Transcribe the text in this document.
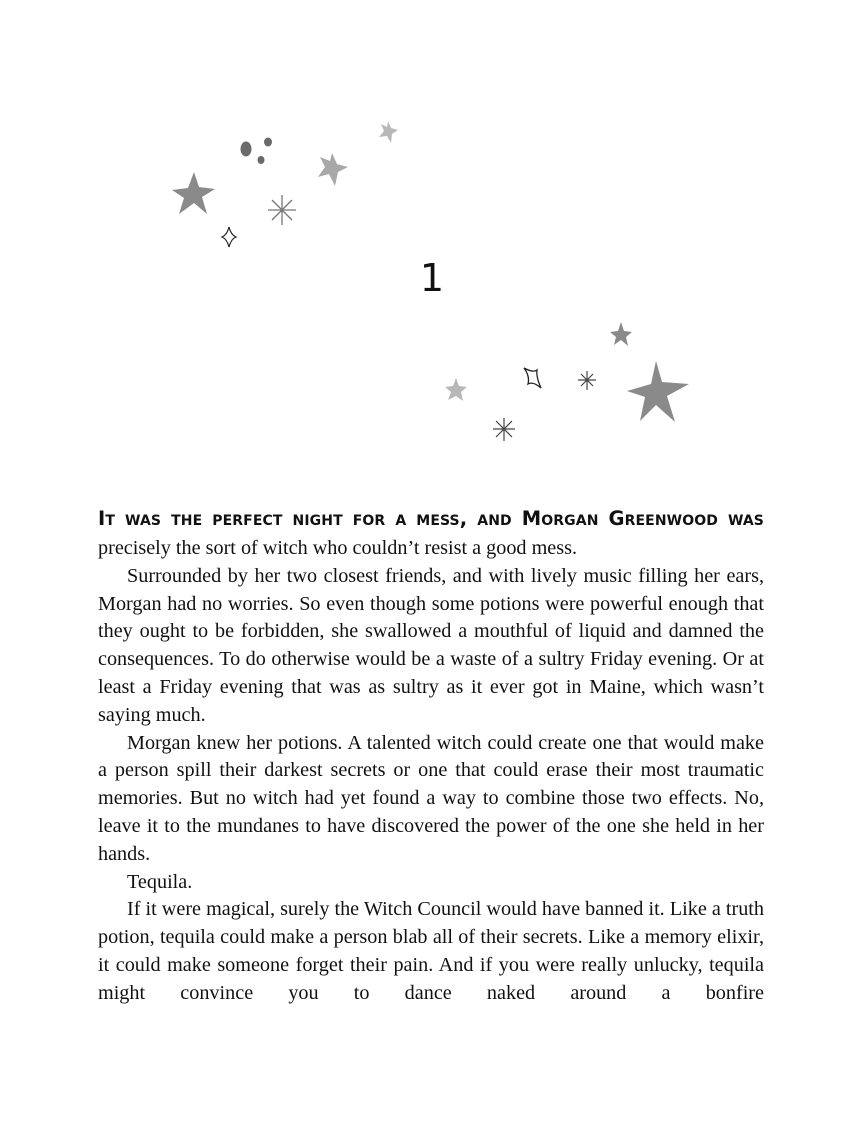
1

It was the perfect night for a mess, and Morgan Greenwood was

precisely the sort of witch who couldn’t resist a good mess.

Surrounded by her two closest friends, and with lively music filling her ears, Morgan had no worries. So even though some potions were powerful enough that they ought to be forbidden, she swallowed a mouthful of liquid and damned the consequences. To do otherwise would be a waste of a sultry Friday evening. Or at least a Friday evening that was as sultry as it ever got in Maine, which wasn’t saying much.

Morgan knew her potions. A talented witch could create one that would make a person spill their darkest secrets or one that could erase their most traumatic memories. But no witch had yet found a way to combine those two effects. No, leave it to the mundanes to have discovered the power of the one she held in her hands.

Tequila.

If it were magical, surely the Witch Council would have banned it. Like a truth potion, tequila could make a person blab all of their secrets. Like a memory elixir, it could make someone forget their pain. And if you were really unlucky, tequila might convince you to dance naked around a bonfire
